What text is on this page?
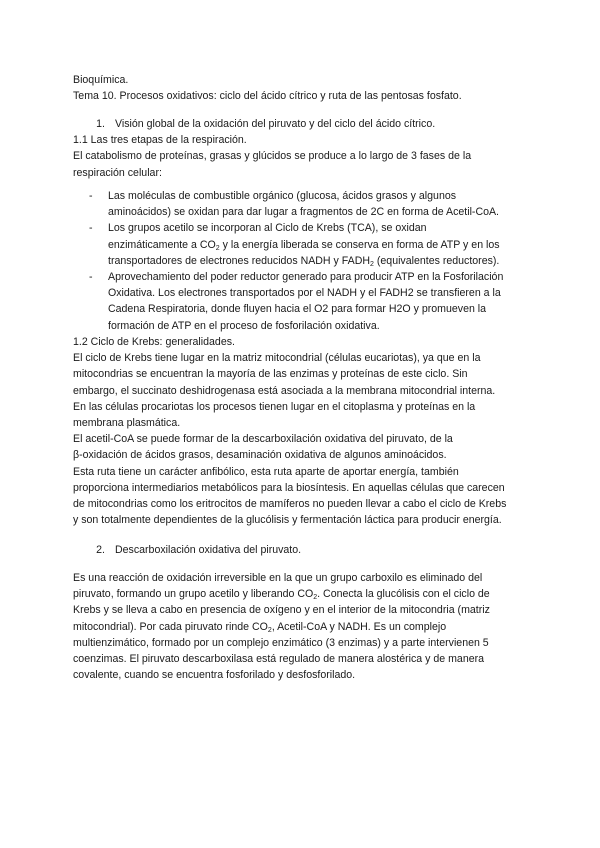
Bioquímica.
Tema 10. Procesos oxidativos: ciclo del ácido cítrico y ruta de las pentosas fosfato.
1. Visión global de la oxidación del piruvato y del ciclo del ácido cítrico.
1.1 Las tres etapas de la respiración.
El catabolismo de proteínas, grasas y glúcidos se produce a lo largo de 3 fases de la
respiración celular:
-	Las moléculas de combustible orgánico (glucosa, ácidos grasos y algunos
aminoácidos) se oxidan para dar lugar a fragmentos de 2C en forma de Acetil-CoA.
-	Los grupos acetilo se incorporan al Ciclo de Krebs (TCA), se oxidan
enzimáticamente a $CO_2$ y la energía liberada se conserva en forma de ATP y en los
transportadores de electrones reducidos NADH y $FADH_2$ (equivalentes reductores).
-	Aprovechamiento del poder reductor generado para producir ATP en la Fosforilación
Oxidativa. Los electrones transportados por el NADH y el FADH2 se transfieren a la
Cadena Respiratoria, donde fluyen hacia el O2 para formar H2O y promueven la
formación de ATP en el proceso de fosforilación oxidativa.
1.2 Ciclo de Krebs: generalidades.
El ciclo de Krebs tiene lugar en la matriz mitocondrial (células eucariotas), ya que en la
mitocondrias se encuentran la mayoría de las enzimas y proteínas de este ciclo. Sin
embargo, el succinato deshidrogenasa está asociada a la membrana mitocondrial interna.
En las células procariotas los procesos tienen lugar en el citoplasma y proteínas en la
membrana plasmática.
El acetil-CoA se puede formar de la descarboxilación oxidativa del piruvato, de la
β-oxidación de ácidos grasos, desaminación oxidativa de algunos aminoácidos.
Esta ruta tiene un carácter anfibólico, esta ruta aparte de aportar energía, también
proporciona intermediarios metabólicos para la biosíntesis. En aquellas células que carecen
de mitocondrias como los eritrocitos de mamíferos no pueden llevar a cabo el ciclo de Krebs
y son totalmente dependientes de la glucólisis y fermentación láctica para producir energía.
2. Descarboxilación oxidativa del piruvato.
Es una reacción de oxidación irreversible en la que un grupo carboxilo es eliminado del
piruvato, formando un grupo acetilo y liberando $CO_2$. Conecta la glucólisis con el ciclo de
Krebs y se lleva a cabo en presencia de oxígeno y en el interior de la mitocondria (matriz
mitocondrial). Por cada piruvato rinde $CO_2$, Acetil-CoA y NADH. Es un complejo
multienzimático, formado por un complejo enzimático (3 enzimas) y a parte intervienen 5
coenzimas. El piruvato descarboxilasa está regulado de manera alostérica y de manera
covalente, cuando se encuentra fosforilado y desfosforilado.
